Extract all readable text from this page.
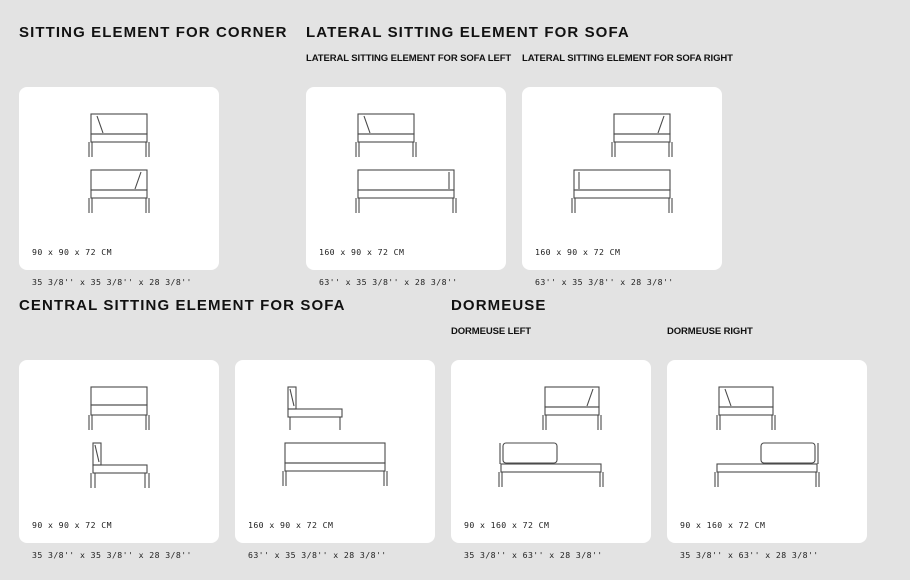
SITTING ELEMENT FOR CORNER LATERAL SITTING ELEMENT FOR SOFA
LATERAL SITTING ELEMENT FOR SOFA LEFT LATERAL SITTING ELEMENT FOR SOFA RIGHT
CENTRAL SITTING ELEMENT FOR SOFA	DORMEUSE
DORMEUSE LEFT	DORMEUSE RIGHT

90 x 90 x 72 CM

35 3/8'' x 35 3/8'' x 28 3/8''

160 x 90 x 72 CM

63'' x 35 3/8'' x 28 3/8''

160 x 90 x 72 CM

63'' x 35 3/8'' x 28 3/8''

90 x 90 x 72 CM

35 3/8'' x 35 3/8'' x 28 3/8''

160 x 90 x 72 CM

63'' x 35 3/8'' x 28 3/8''

90 x 160 x 72 CM

35 3/8'' x 63'' x 28 3/8''

90 x 160 x 72 CM

35 3/8'' x 63'' x 28 3/8''
